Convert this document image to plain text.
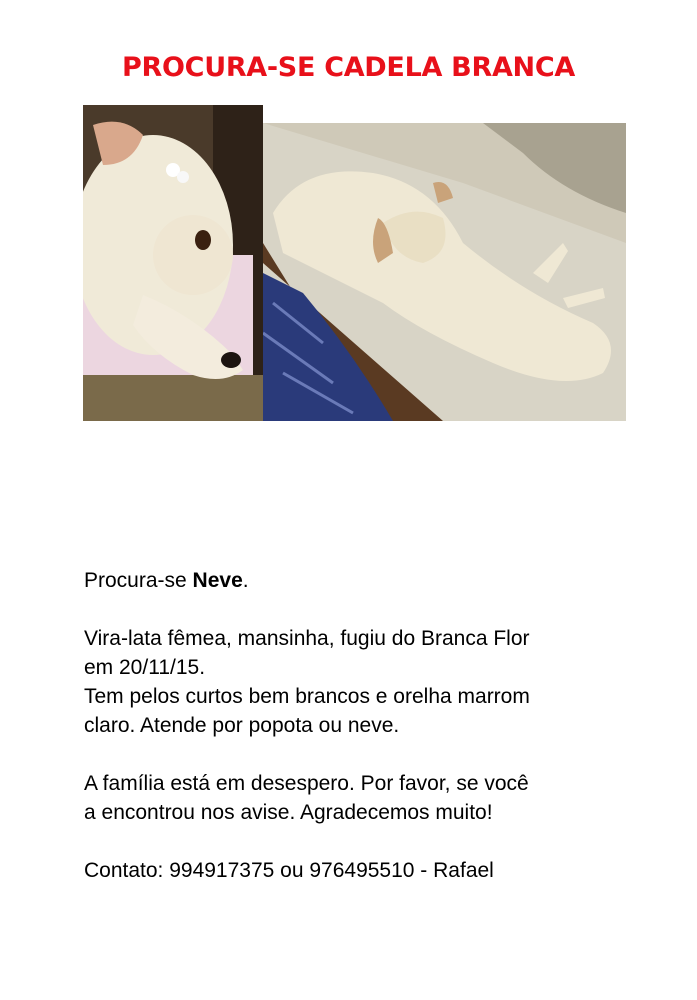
PROCURA-SE CADELA BRANCA

Procura-se Neve.

Vira-lata fêmea, mansinha, fugiu do Branca Flor

em 20/11/15.

Tem pelos curtos bem brancos e orelha marrom

claro. Atende por popota ou neve.

A família está em desespero. Por favor, se você

a encontrou nos avise. Agradecemos muito!

Contato: 994917375 ou 976495510 - Rafael
